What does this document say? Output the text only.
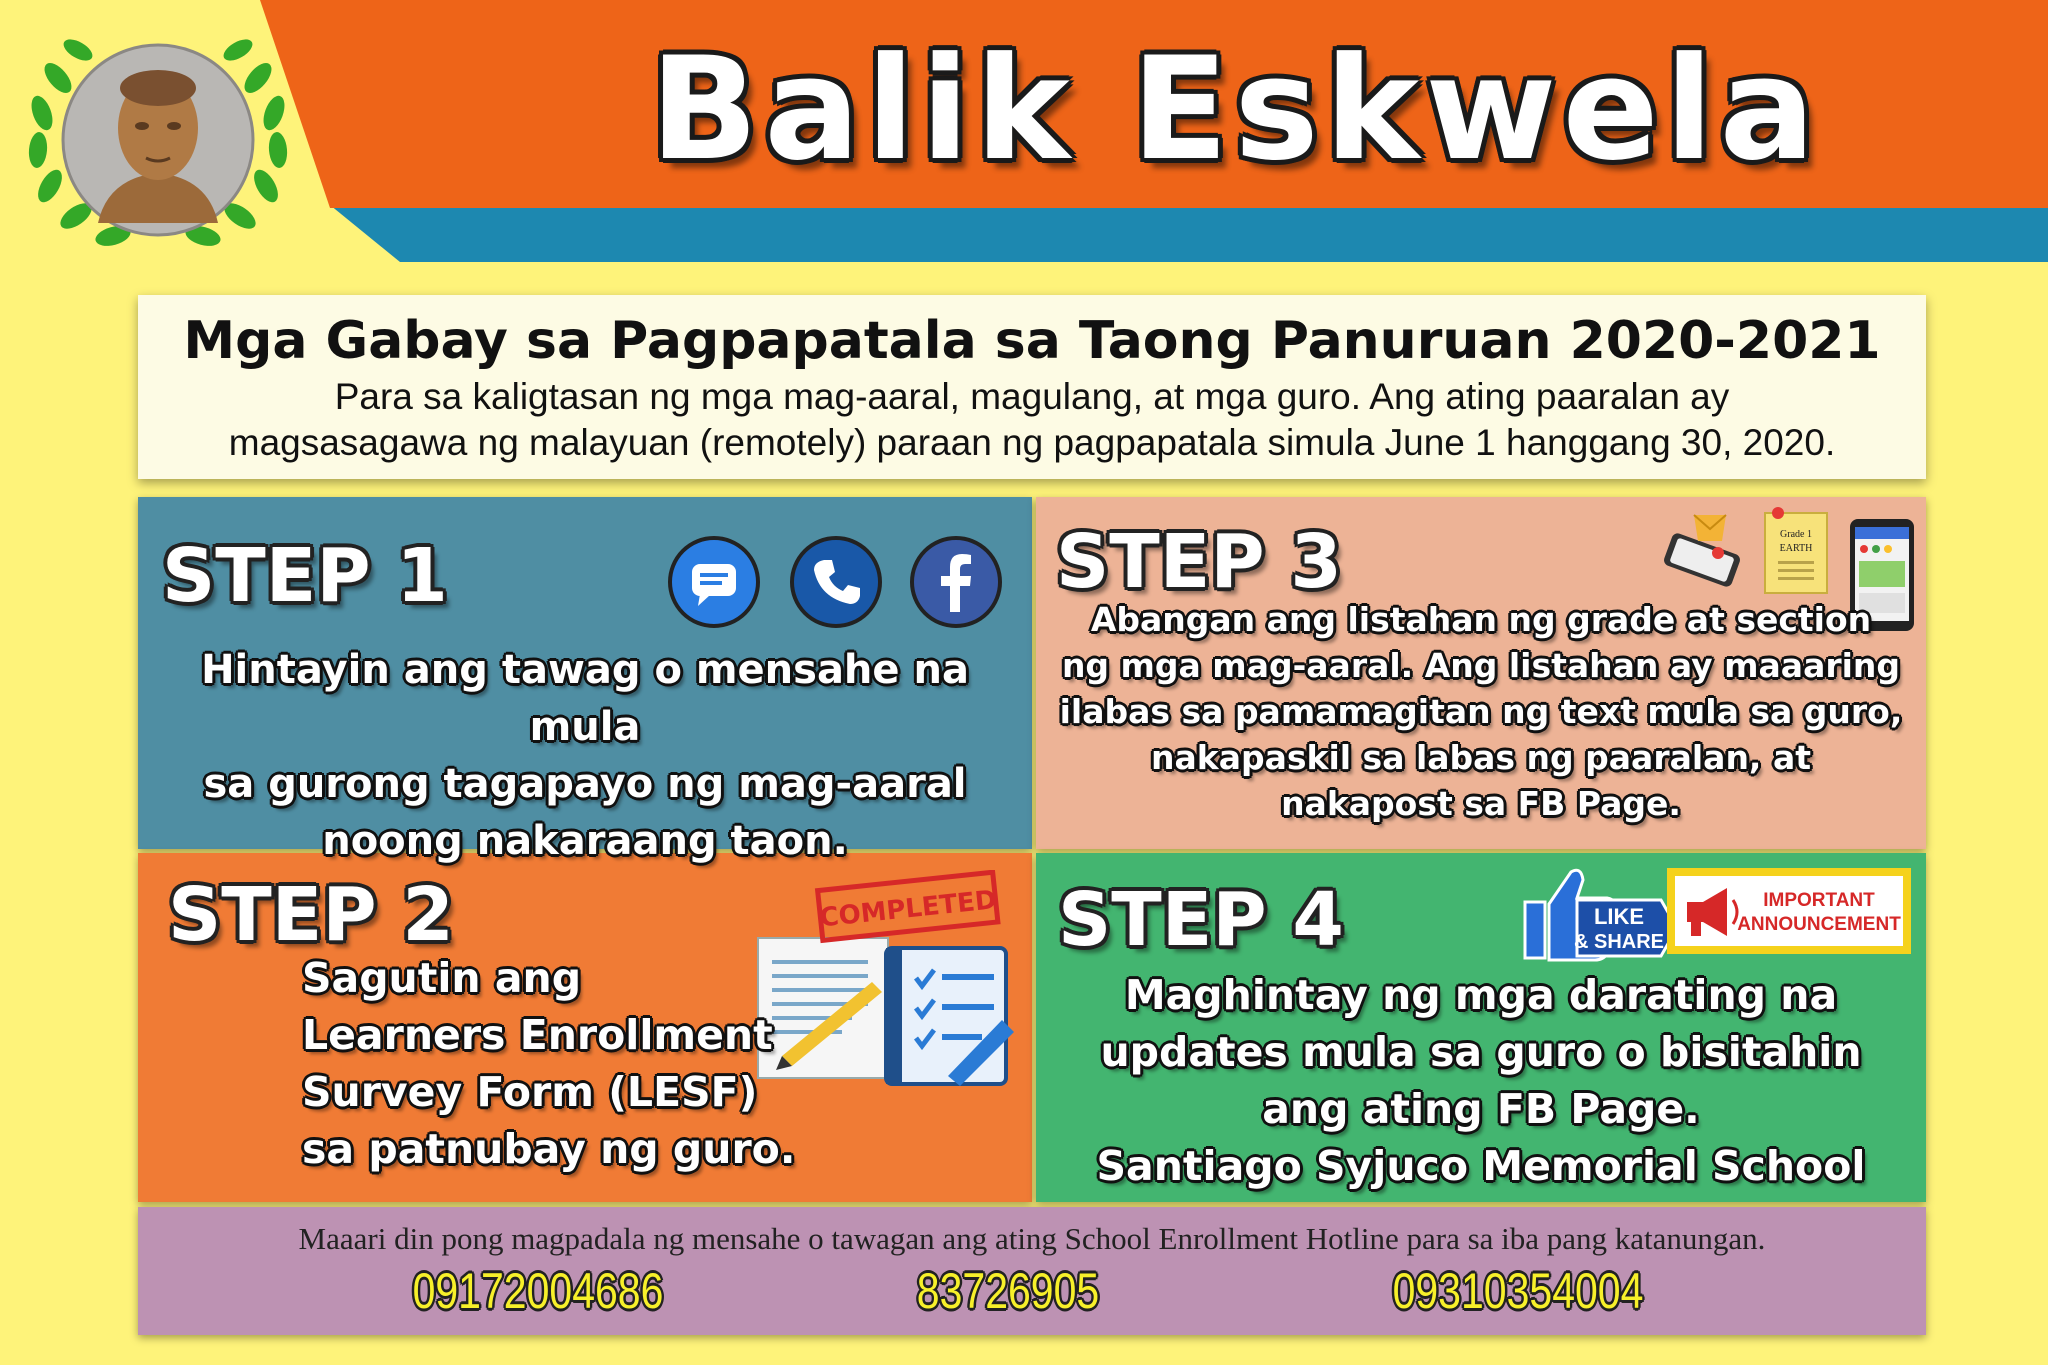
Balik Eskwela
Mga Gabay sa Pagpapatala sa Taong Panuruan 2020-2021
Para sa kaligtasan ng mga mag-aaral, magulang, at mga guro. Ang ating paaralan ay
magsasagawa ng malayuan (remotely) paraan ng pagpapatala simula June 1 hanggang 30, 2020.
STEP 1
Hintayin ang tawag o mensahe na mula
sa gurong tagapayo ng mag-aaral
noong nakaraang taon.
STEP 3	Grade 1
EARTH
Abangan ang listahan ng grade at section
ng mga mag-aaral. Ang listahan ay maaaring
ilabas sa pamamagitan ng text mula sa guro,
nakapaskil sa labas ng paaralan, at
nakapost sa FB Page.
STEP 2	COMPLETED
Sagutin ang
Learners Enrollment
Survey Form (LESF)
sa patnubay ng guro.
STEP 4	LIKE
& SHARE
IMPORTANT
ANNOUNCEMENT
Maghintay ng mga darating na
updates mula sa guro o bisitahin
ang ating FB Page.
Santiago Syjuco Memorial School
Maaari din pong magpadala ng mensahe o tawagan ang ating School Enrollment Hotline para sa iba pang katanungan.
09172004686	83726905	09310354004
